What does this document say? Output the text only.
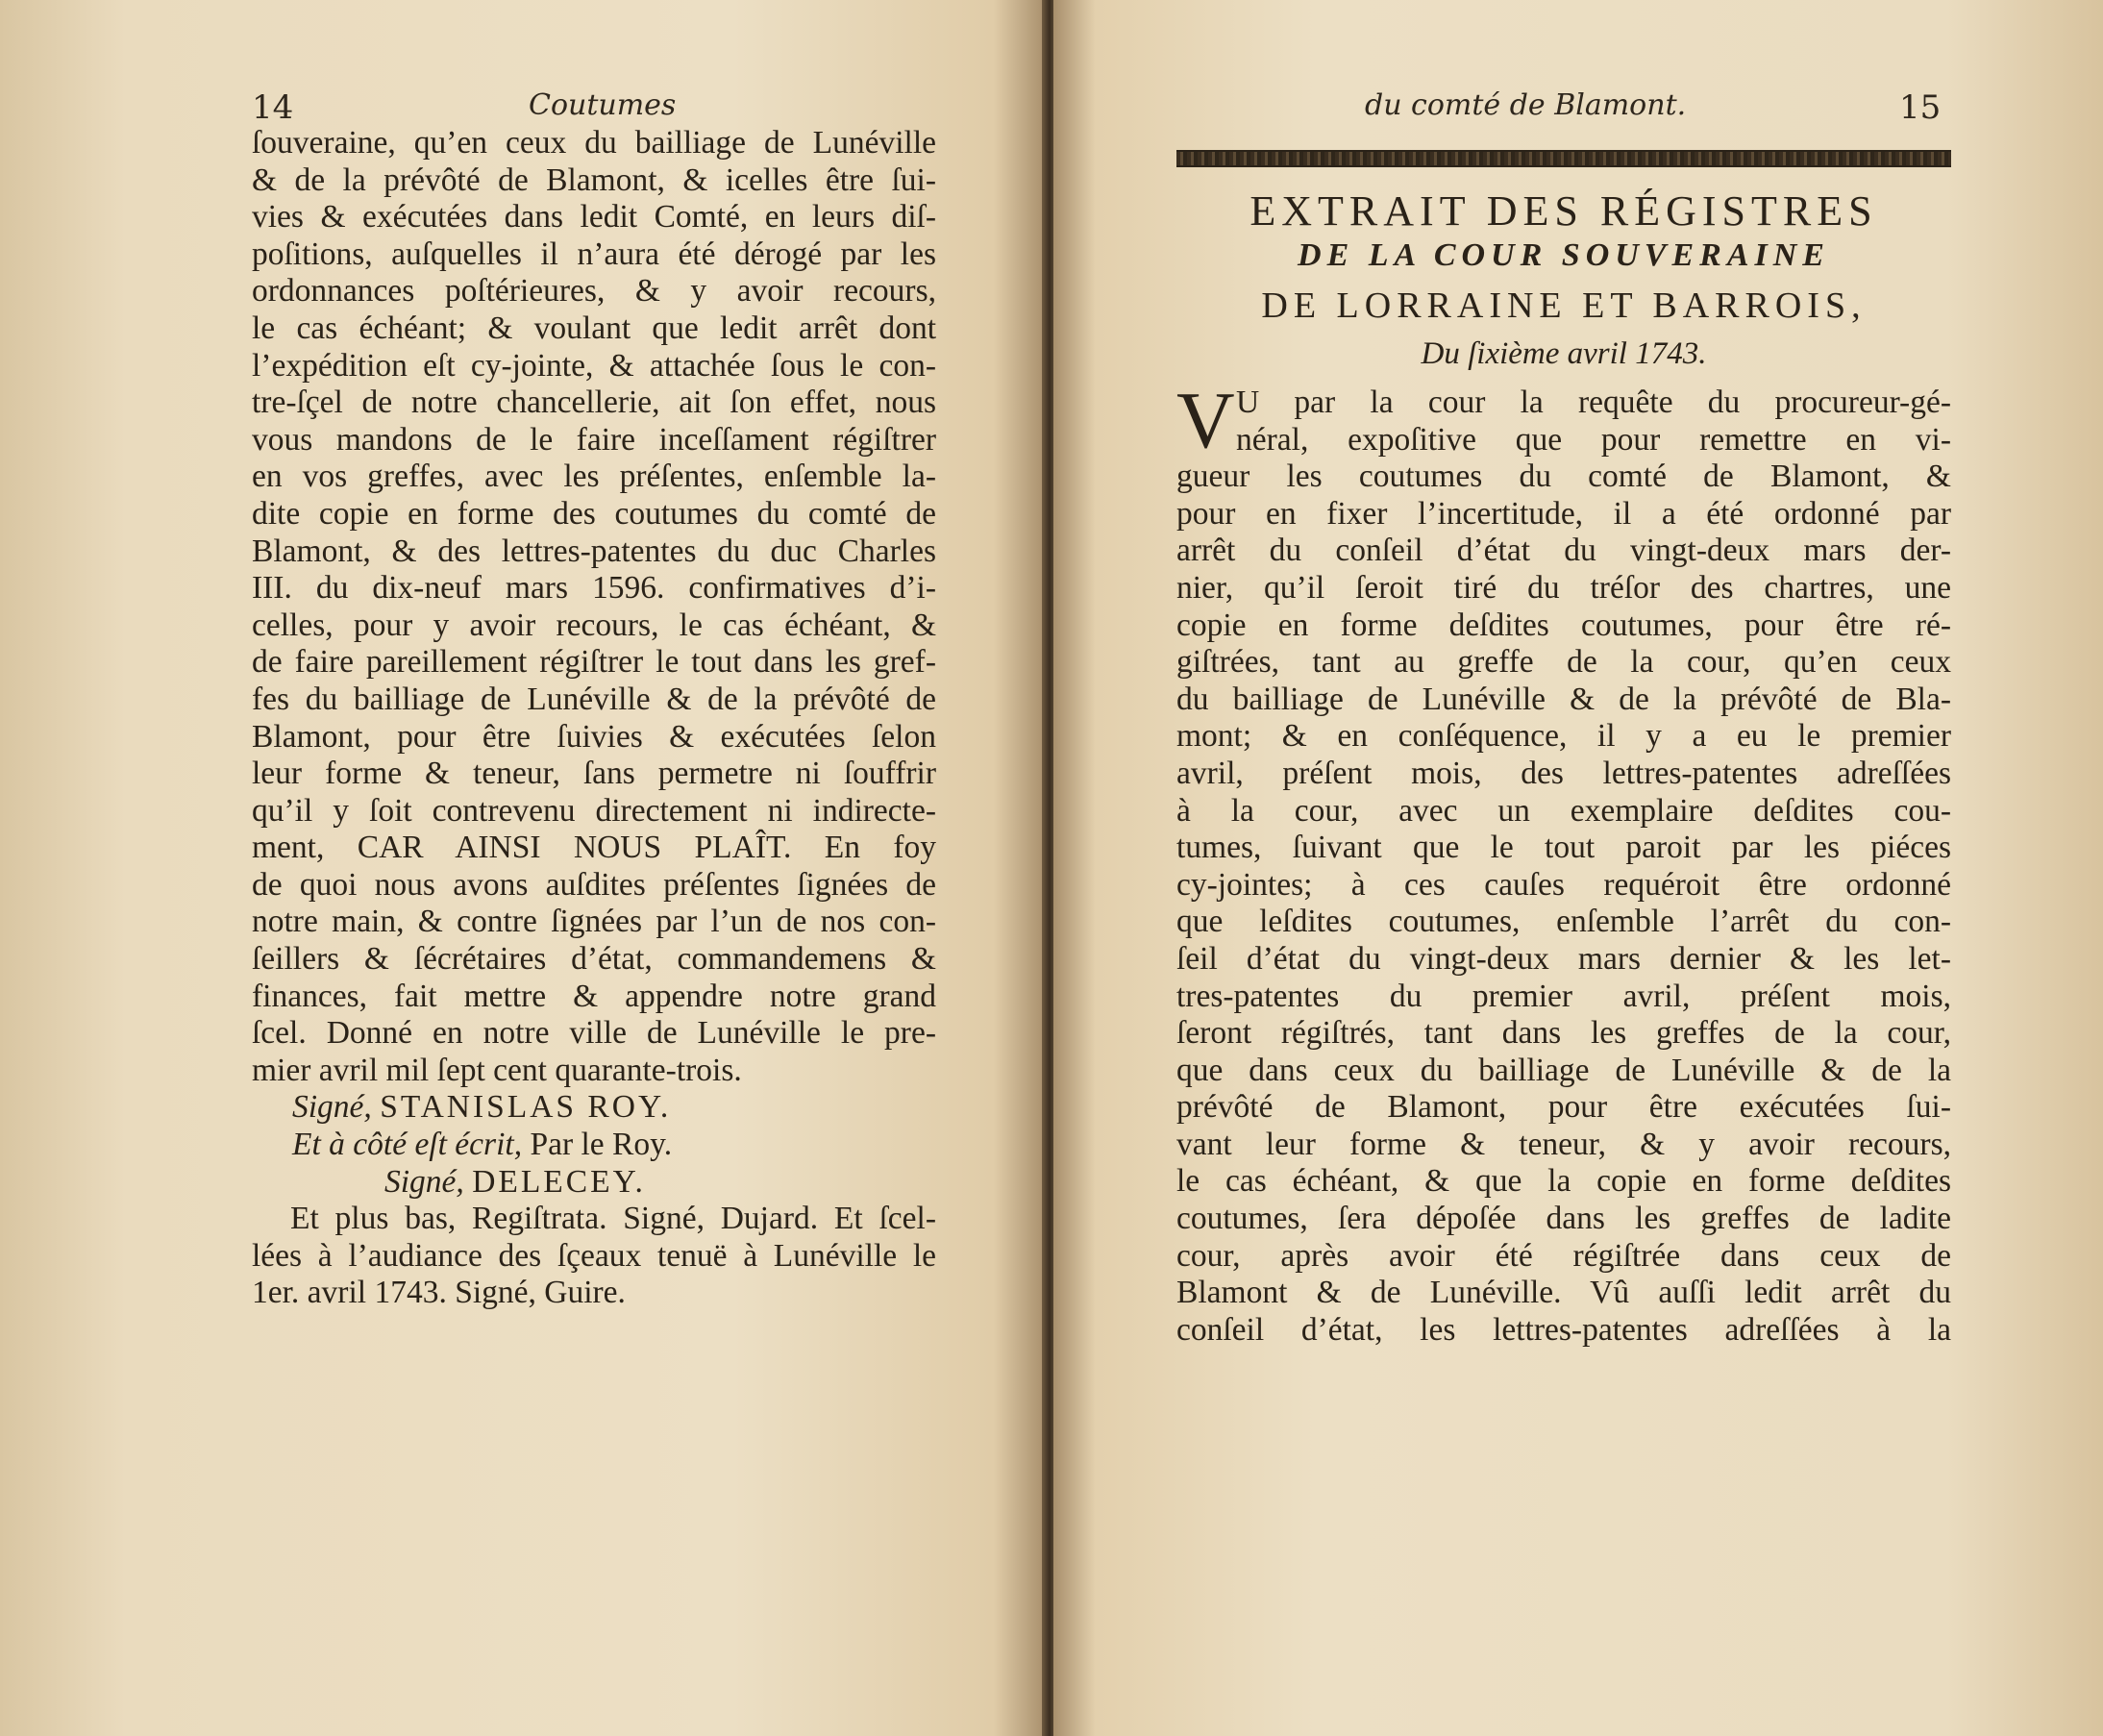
14	Coutumes
ſouveraine, qu’en ceux du bailliage de Lunéville
& de la prévôté de Blamont, & icelles être ſui-
vies & exécutées dans ledit Comté, en leurs diſ-
poſitions, auſquelles il n’aura été dérogé par les
ordonnances poſtérieures, & y avoir recours,
le cas échéant; & voulant que ledit arrêt dont
l’expédition eſt cy-jointe, & attachée ſous le con-
tre-ſçel de notre chancellerie, ait ſon effet, nous
vous mandons de le faire inceſſament régiſtrer
en vos greffes, avec les préſentes, enſemble la-
dite copie en forme des coutumes du comté de
Blamont, & des lettres-patentes du duc Charles
III. du dix-neuf mars 1596. confirmatives d’i-
celles, pour y avoir recours, le cas échéant, &
de faire pareillement régiſtrer le tout dans les gref-
fes du bailliage de Lunéville & de la prévôté de
Blamont, pour être ſuivies & exécutées ſelon
leur forme & teneur, ſans permetre ni ſouffrir
qu’il y ſoit contrevenu directement ni indirecte-
ment, CAR AINSI NOUS PLAÎT. En foy
de quoi nous avons auſdites préſentes ſignées de
notre main, & contre ſignées par l’un de nos con-
ſeillers & ſécrétaires d’état, commandemens &
finances, fait mettre & appendre notre grand
ſcel. Donné en notre ville de Lunéville le pre-
mier avril mil ſept cent quarante-trois.
Signé, STANISLAS ROY.
Et à côté eſt écrit, Par le Roy.
Signé, DELECEY.
Et plus bas, Regiſtrata. Signé, Dujard. Et ſcel-
lées à l’audiance des ſçeaux tenuë à Lunéville le
1er. avril 1743. Signé, Guire.
du comté de Blamont.	15
EXTRAIT DES RÉGISTRES
DE LA COUR SOUVERAINE
DE LORRAINE ET BARROIS,
Du ſixième avril 1743.
V U par la cour la requête du procureur-gé-
néral, expoſitive que pour remettre en vi-
gueur les coutumes du comté de Blamont, &
pour en fixer l’incertitude, il a été ordonné par
arrêt du conſeil d’état du vingt-deux mars der-
nier, qu’il ſeroit tiré du tréſor des chartres, une
copie en forme deſdites coutumes, pour être ré-
giſtrées, tant au greffe de la cour, qu’en ceux
du bailliage de Lunéville & de la prévôté de Bla-
mont; & en conſéquence, il y a eu le premier
avril, préſent mois, des lettres-patentes adreſſées
à la cour, avec un exemplaire deſdites cou-
tumes, ſuivant que le tout paroit par les piéces
cy-jointes; à ces cauſes requéroit être ordonné
que leſdites coutumes, enſemble l’arrêt du con-
ſeil d’état du vingt-deux mars dernier & les let-
tres-patentes du premier avril, préſent mois,
ſeront régiſtrés, tant dans les greffes de la cour,
que dans ceux du bailliage de Lunéville & de la
prévôté de Blamont, pour être exécutées ſui-
vant leur forme & teneur, & y avoir recours,
le cas échéant, & que la copie en forme deſdites
coutumes, ſera dépoſée dans les greffes de ladite
cour, après avoir été régiſtrée dans ceux de
Blamont & de Lunéville. Vû auſſi ledit arrêt du
conſeil d’état, les lettres-patentes adreſſées à la
